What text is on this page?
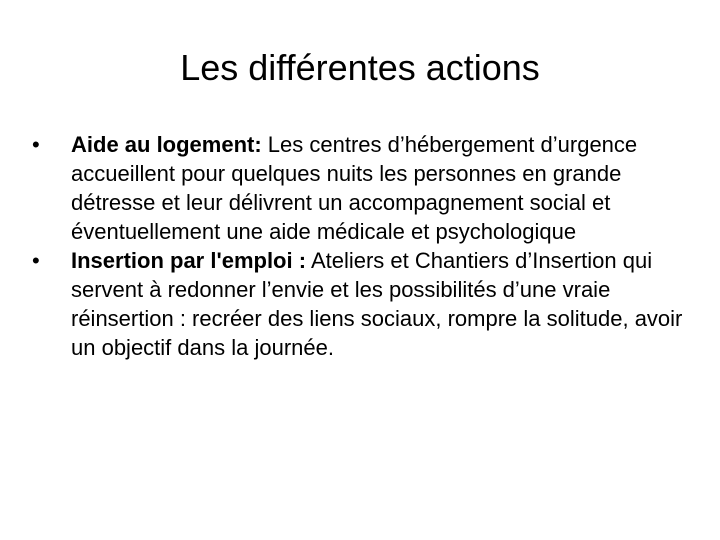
Les différentes actions
•	Aide au logement: Les centres d’hébergement d’urgence accueillent pour quelques nuits les personnes en grande détresse et leur délivrent un accompagnement social et éventuellement une aide médicale et psychologique
•	Insertion par l'emploi : Ateliers et Chantiers d’Insertion qui servent à redonner l’envie et les possibilités d’une vraie réinsertion : recréer des liens sociaux, rompre la solitude, avoir un objectif dans la journée.
